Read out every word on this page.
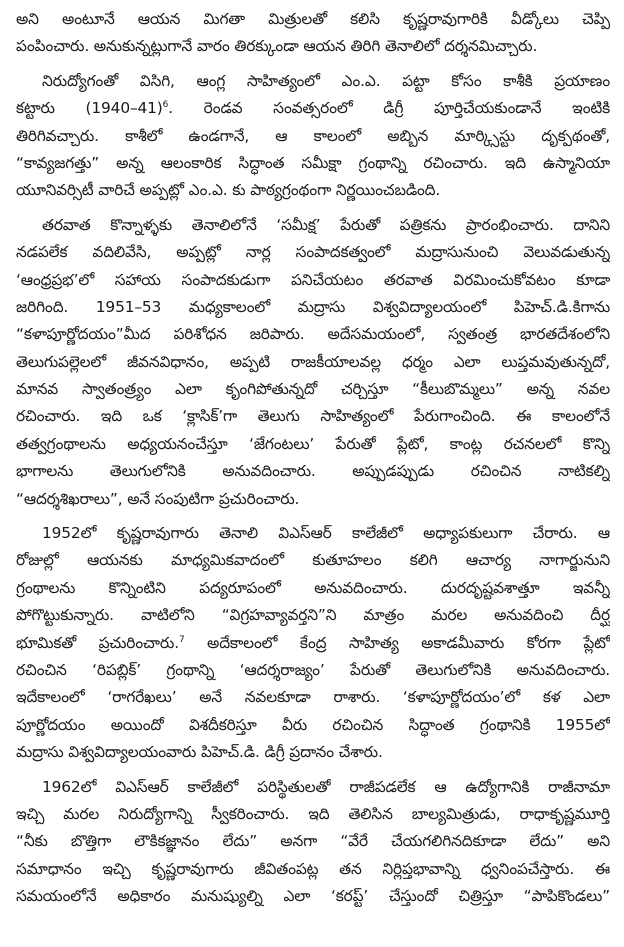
అని అంటూనే ఆయన మిగతా మిత్రులతో కలిసి కృష్ణరావుగారికి వీడ్కోలు చెప్పి
పంపించారు. అనుకున్నట్లుగానే వారం తిరక్కుండా ఆయన తిరిగి తెనాలిలో దర్శనమిచ్చారు.
నిరుద్యోగంతో విసిగి, ఆంగ్ల సాహిత్యంలో ఎం.ఎ. పట్టా కోసం కాశీకి ప్రయాణం
కట్టారు (1940–41)$^6$. రెండవ సంవత్సరంలో డిగ్రీ పూర్తిచేయకుండానే ఇంటికి
తిరిగివచ్చారు. కాశీలో ఉండగానే, ఆ కాలంలో అబ్బిన మార్క్సిస్టు దృక్పథంతో,
“కావ్యజగత్తు” అన్న ఆలంకారిక సిద్ధాంత సమీక్షా గ్రంథాన్ని రచించారు. ఇది ఉస్మానియా
యూనివర్సిటీ వారిచే అప్పట్లో ఎం.ఎ. కు పాఠ్యగ్రంథంగా నిర్ణయించబడింది.
తరవాత కొన్నాళ్ళకు తెనాలిలోనే ‘సమీక్ష’ పేరుతో పత్రికను ప్రారంభించారు. దానిని
నడపలేక వదిలివేసి, అప్పట్లో నార్ల సంపాదకత్వంలో మద్రాసునుంచి వెలువడుతున్న
‘ఆంధ్రప్రభ’లో సహాయ సంపాదకుడుగా పనిచేయటం తరవాత విరమించుకోవటం కూడా
జరిగింది. 1951–53 మధ్యకాలంలో మద్రాసు విశ్వవిద్యాలయంలో పిహెచ్.డి.కిగాను
“కళాపూర్ణోదయం”మీద పరిశోధన జరిపారు. అదేసమయంలో, స్వతంత్ర భారతదేశంలోని
తెలుగుపల్లెలలో జీవనవిధానం, అప్పటి రాజకీయాలవల్ల ధర్మం ఎలా లుప్తమవుతున్నదో,
మానవ స్వాతంత్ర్యం ఎలా కృంగిపోతున్నదో చర్చిస్తూ “కీలుబొమ్మలు” అన్న నవల
రచించారు. ఇది ఒక ‘క్లాసిక్’గా తెలుగు సాహిత్యంలో పేరుగాంచింది. ఈ కాలంలోనే
తత్వగ్రంథాలను అధ్యయనంచేస్తూ ‘జేగంటలు’ పేరుతో ప్లేటో, కాంట్ల రచనలలో కొన్ని
భాగాలను తెలుగులోనికి అనువదించారు. అప్పుడప్పుడు రచించిన నాటికల్ని
“ఆదర్శశిఖరాలు”, అనే సంపుటిగా ప్రచురించారు.
1952లో కృష్ణరావుగారు తెనాలి విఎస్ఆర్ కాలేజీలో అధ్యాపకులుగా చేరారు. ఆ
రోజుల్లో ఆయనకు మాధ్యమికవాదంలో కుతూహలం కలిగి ఆచార్య నాగార్జునుని
గ్రంథాలను కొన్నింటిని పద్యరూపంలో అనువదించారు. దురదృష్టవశాత్తూ ఇవన్నీ
పోగొట్టుకున్నారు. వాటిలోని “విగ్రహవ్యావర్తని”ని మాత్రం మరల అనువదించి దీర్ఘ
భూమికతో ప్రచురించారు.$^7$ అదేకాలంలో కేంద్ర సాహిత్య అకాడమీవారు కోరగా ప్లేటో
రచించిన ‘రిపబ్లిక్’ గ్రంథాన్ని ‘ఆదర్శరాజ్యం’ పేరుతో తెలుగులోనికి అనువదించారు.
ఇదేకాలంలో ‘రాగరేఖలు’ అనే నవలకూడా రాశారు. ‘కళాపూర్ణోదయం’లో కళ ఎలా
పూర్ణోదయం అయిందో విశదీకరిస్తూ వీరు రచించిన సిద్ధాంత గ్రంథానికి 1955లో
మద్రాసు విశ్వవిద్యాలయంవారు పిహెచ్.డి. డిగ్రీ ప్రదానం చేశారు.
1962లో విఎస్ఆర్ కాలేజీలో పరిస్థితులతో రాజీపడలేక ఆ ఉద్యోగానికి రాజీనామా
ఇచ్చి మరల నిరుద్యోగాన్ని స్వీకరించారు. ఇది తెలిసిన బాల్యమిత్రుడు, రాధాకృష్ణమూర్తి
“నీకు బొత్తిగా లౌకికజ్ఞానం లేదు” అనగా “వేరే చేయగలిగినదికూడా లేదు” అని
సమాధానం ఇచ్చి కృష్ణరావుగారు జీవితంపట్ల తన నిర్లిప్తభావాన్ని ధ్వనింపచేస్తారు. ఈ
సమయంలోనే అధికారం మనుష్యుల్ని ఎలా ‘కరప్ట్’ చేస్తుందో చిత్రిస్తూ “పాపికొండలు”
